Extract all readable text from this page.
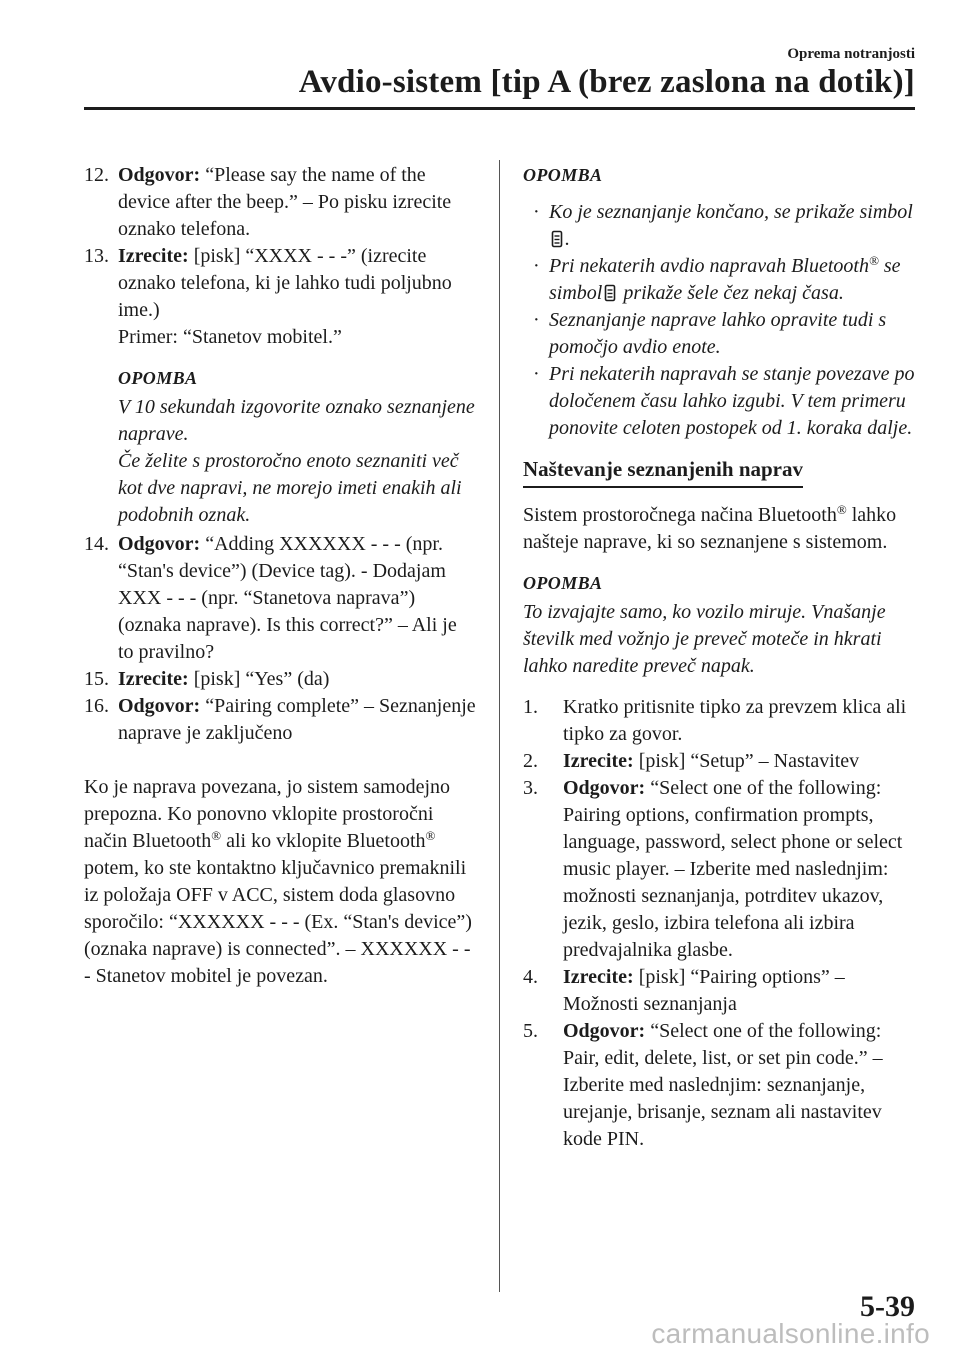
Oprema notranjosti
Avdio-sistem [tip A (brez zaslona na dotik)]
12. Odgovor: “Please say the name of the device after the beep.” – Po pisku izrecite oznako telefona.
13. Izrecite: [pisk] “XXXX - - -” (izrecite oznako telefona, ki je lahko tudi poljubno ime.)
Primer: “Stanetov mobitel.”
OPOMBA
V 10 sekundah izgovorite oznako seznanjene naprave.
Če želite s prostoročno enoto seznaniti več kot dve napravi, ne morejo imeti enakih ali podobnih oznak.
14. Odgovor: “Adding XXXXXX - - - (npr. “Stan's device”) (Device tag). - Dodajam XXX - - - (npr. “Stanetova naprava”) (oznaka naprave). Is this correct?” – Ali je to pravilno?
15. Izrecite: [pisk] “Yes” (da)
16. Odgovor: “Pairing complete” – Seznanjenje naprave je zaključeno
Ko je naprava povezana, jo sistem samodejno prepozna. Ko ponovno vklopite prostoročni način Bluetooth® ali ko vklopite Bluetooth® potem, ko ste kontaktno ključavnico premaknili iz položaja OFF v ACC, sistem doda glasovno sporočilo: “XXXXXX - - - (Ex. “Stan's device”) (oznaka naprave) is connected”. – XXXXXX - - - Stanetov mobitel je povezan.
OPOMBA
· Ko je seznanjanje končano, se prikaže simbol.
· Pri nekaterih avdio napravah Bluetooth® se simbol prikaže šele čez nekaj časa.
· Seznanjanje naprave lahko opravite tudi s pomočjo avdio enote.
· Pri nekaterih napravah se stanje povezave po določenem času lahko izgubi. V tem primeru ponovite celoten postopek od 1. koraka dalje.
Naštevanje seznanjenih naprav
Sistem prostoročnega načina Bluetooth® lahko našteje naprave, ki so seznanjene s sistemom.
OPOMBA
To izvajajte samo, ko vozilo miruje. Vnašanje številk med vožnjo je preveč moteče in hkrati lahko naredite preveč napak.
1. Kratko pritisnite tipko za prevzem klica ali tipko za govor.
2. Izrecite: [pisk] “Setup” – Nastavitev
3. Odgovor: “Select one of the following: Pairing options, confirmation prompts, language, password, select phone or select music player. – Izberite med naslednjim: možnosti seznanjanja, potrditev ukazov, jezik, geslo, izbira telefona ali izbira predvajalnika glasbe.
4. Izrecite: [pisk] “Pairing options” – Možnosti seznanjanja
5. Odgovor: “Select one of the following: Pair, edit, delete, list, or set pin code.” – Izberite med naslednjim: seznanjanje, urejanje, brisanje, seznam ali nastavitev kode PIN.
5-39
carmanualsonline.info
